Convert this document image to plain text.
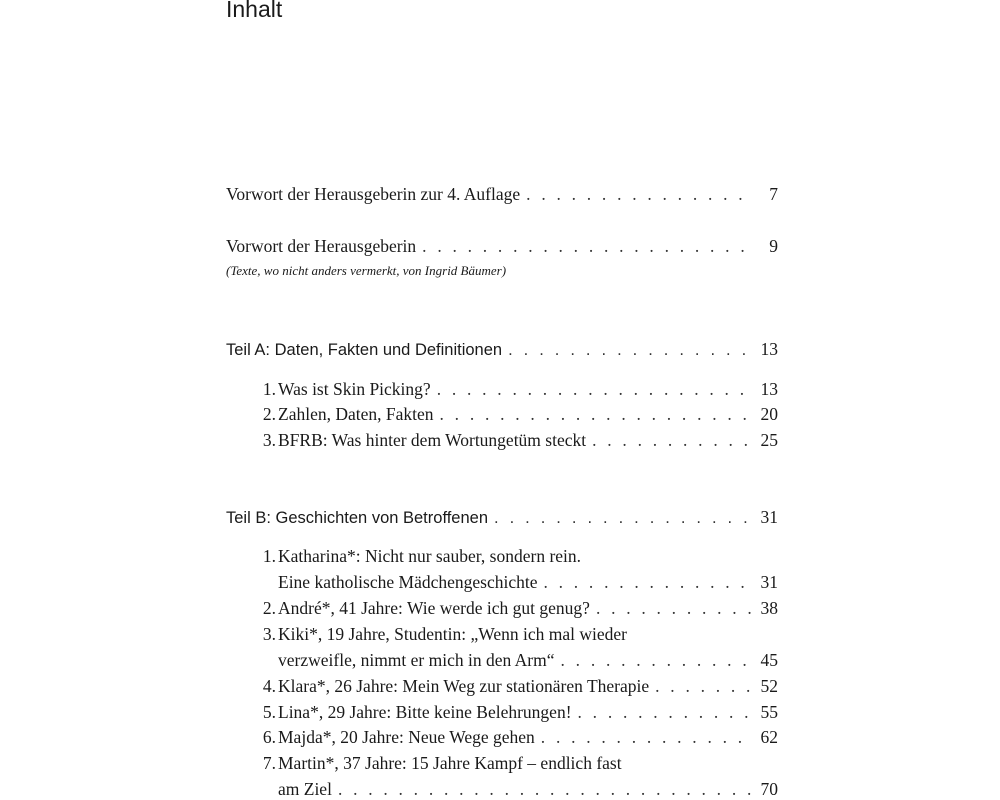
Inhalt
Vorwort der Herausgeberin zur 4. Auflage . . .	7
Vorwort der Herausgeberin . . .	9
(Texte, wo nicht anders vermerkt, von Ingrid Bäumer)
Teil A: Daten, Fakten und Definitionen . . .	13
1. Was ist Skin Picking? . . .	13
2. Zahlen, Daten, Fakten . . .	20
3. BFRB: Was hinter dem Wortungetüm steckt . . .	25
Teil B: Geschichten von Betroffenen . . .	31
1. Katharina*: Nicht nur sauber, sondern rein.
Eine katholische Mädchengeschichte . . .	31
2. André*, 41 Jahre: Wie werde ich gut genug? . . .	38
3. Kiki*, 19 Jahre, Studentin: „Wenn ich mal wieder
verzweifle, nimmt er mich in den Arm“ . . .	45
4. Klara*, 26 Jahre: Mein Weg zur stationären Therapie . . .	52
5. Lina*, 29 Jahre: Bitte keine Belehrungen! . . .	55
6. Majda*, 20 Jahre: Neue Wege gehen . . .	62
7. Martin*, 37 Jahre: 15 Jahre Kampf – endlich fast
am Ziel . . .	70
